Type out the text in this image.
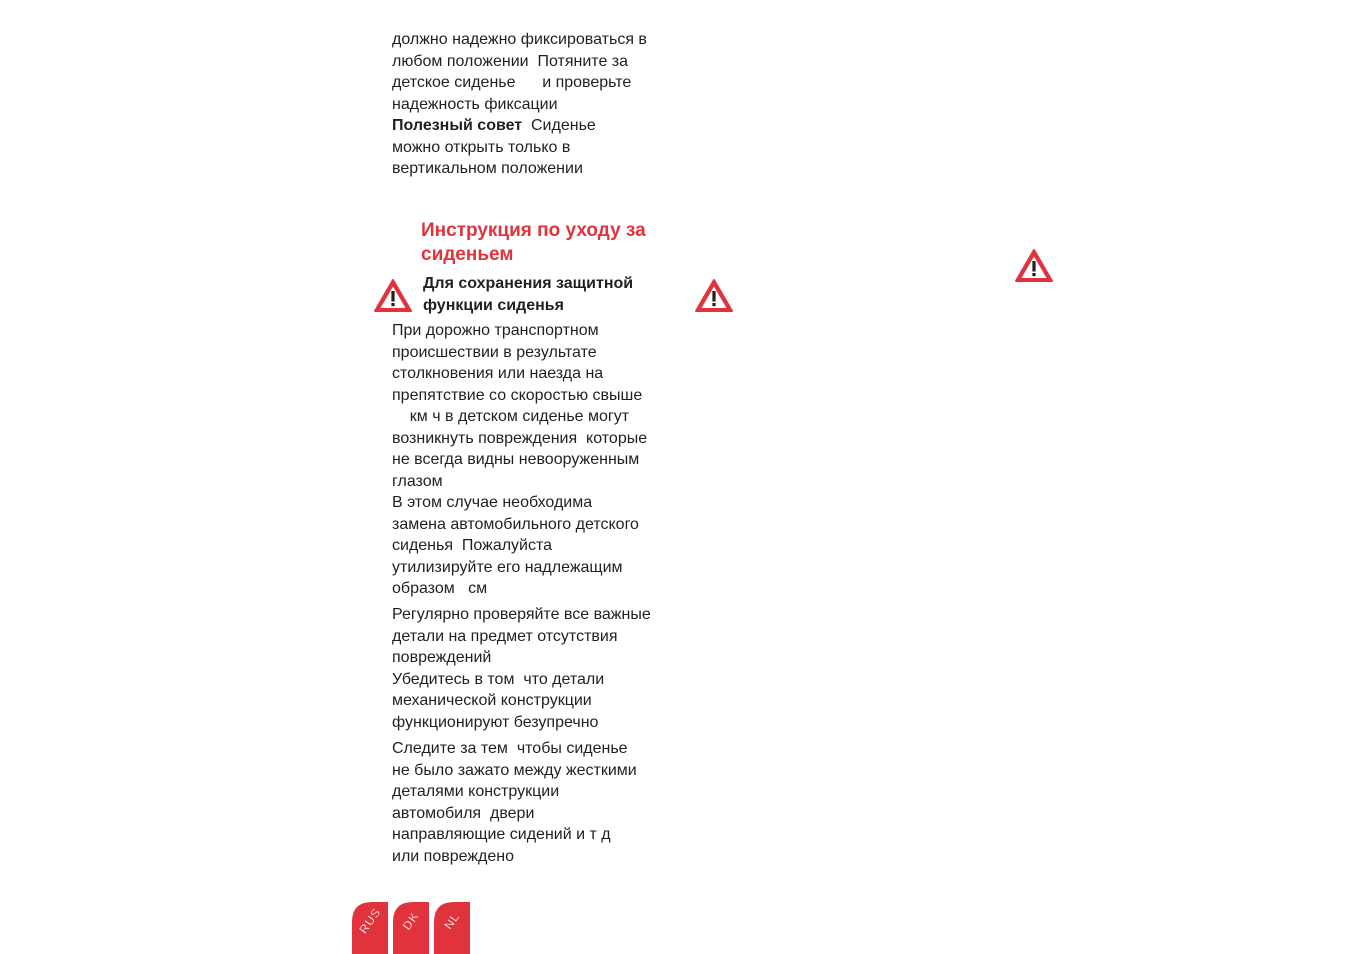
должно надежно фиксироваться в
любом положении  Потяните за
детское сиденье      и проверьте
надежность фиксации
Полезный совет  Сиденье
можно открыть только в
вертикальном положении
Инструкция по уходу за
сиденьем
Для сохранения защитной
функции сиденья
При дорожно транспортном
происшествии в результате
столкновения или наезда на
препятствие со скоростью свыше
км ч в детском сиденье могут
возникнуть повреждения  которые
не всегда видны невооруженным
глазом
В этом случае необходима
замена автомобильного детского
сиденья  Пожалуйста
утилизируйте его надлежащим
образом   см
Регулярно проверяйте все важные
детали на предмет отсутствия
повреждений
Убедитесь в том  что детали
механической конструкции
функционируют безупречно
Следите за тем  чтобы сиденье
не было зажато между жесткими
деталями конструкции
автомобиля  двери
направляющие сидений и т д
или повреждено
RUS DK NL
